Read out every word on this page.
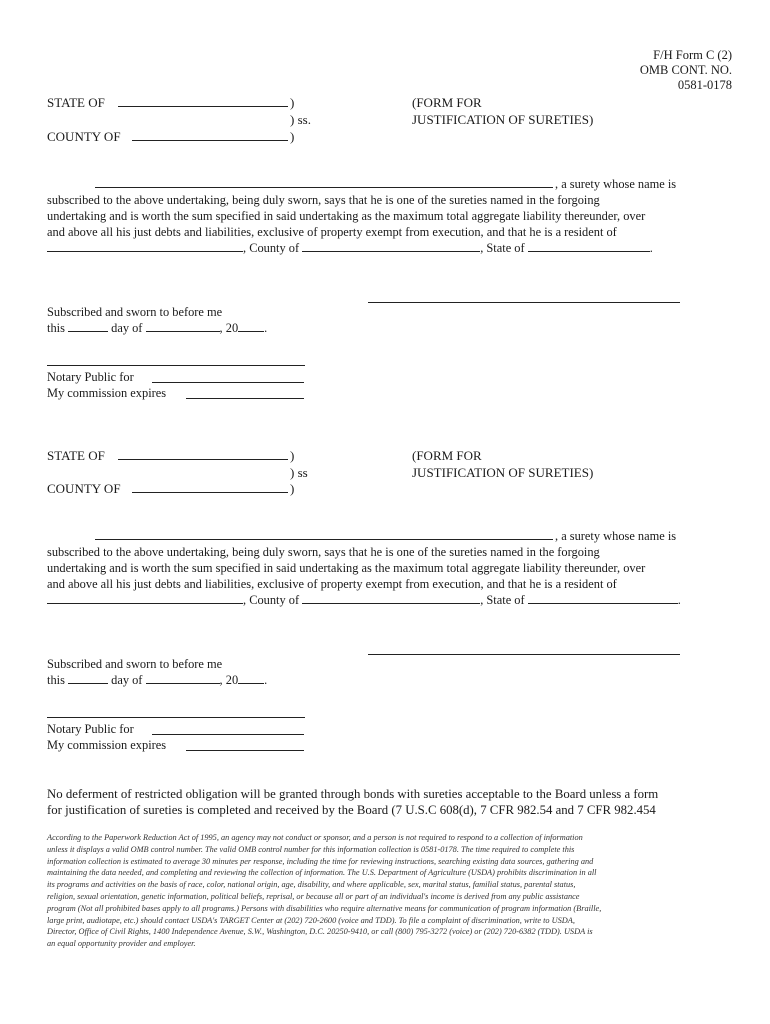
F/H Form C (2)
OMB CONT. NO.
0581-0178
STATE OF	)
) ss.
COUNTY OF	)
(FORM FOR
JUSTIFICATION OF SURETIES)
, a surety whose name is
subscribed to the above undertaking, being duly sworn, says that he is one of the sureties named in the forgoing
undertaking and is worth the sum specified in said undertaking as the maximum total aggregate liability thereunder, over
and above all his just debts and liabilities, exclusive of property exempt from execution, and that he is a resident of
, County of	, State of	.
Subscribed and sworn to before me
this	day of	, 20 .
Notary Public for
My commission expires
STATE OF	)
) ss
COUNTY OF	)
(FORM FOR
JUSTIFICATION OF SURETIES)
, a surety whose name is
subscribed to the above undertaking, being duly sworn, says that he is one of the sureties named in the forgoing
undertaking and is worth the sum specified in said undertaking as the maximum total aggregate liability thereunder, over
and above all his just debts and liabilities, exclusive of property exempt from execution, and that he is a resident of
, County of	, State of	.
Subscribed and sworn to before me
this	day of	, 20 .
Notary Public for
My commission expires
No deferment of restricted obligation will be granted through bonds with sureties acceptable to the Board unless a form
for justification of sureties is completed and received by the Board (7 U.S.C 608(d), 7 CFR 982.54 and 7 CFR 982.454
According to the Paperwork Reduction Act of 1995, an agency may not conduct or sponsor, and a person is not required to respond to a collection of information
unless it displays a valid OMB control number. The valid OMB control number for this information collection is 0581-0178. The time required to complete this
information collection is estimated to average 30 minutes per response, including the time for reviewing instructions, searching existing data sources, gathering and
maintaining the data needed, and completing and reviewing the collection of information. The U.S. Department of Agriculture (USDA) prohibits discrimination in all
its programs and activities on the basis of race, color, national origin, age, disability, and where applicable, sex, marital status, familial status, parental status,
religion, sexual orientation, genetic information, political beliefs, reprisal, or because all or part of an individual's income is derived from any public assistance
program (Not all prohibited bases apply to all programs.) Persons with disabilities who require alternative means for communication of program information (Braille,
large print, audiotape, etc.) should contact USDA's TARGET Center at (202) 720-2600 (voice and TDD). To file a complaint of discrimination, write to USDA,
Director, Office of Civil Rights, 1400 Independence Avenue, S.W., Washington, D.C. 20250-9410, or call (800) 795-3272 (voice) or (202) 720-6382 (TDD). USDA is
an equal opportunity provider and employer.
